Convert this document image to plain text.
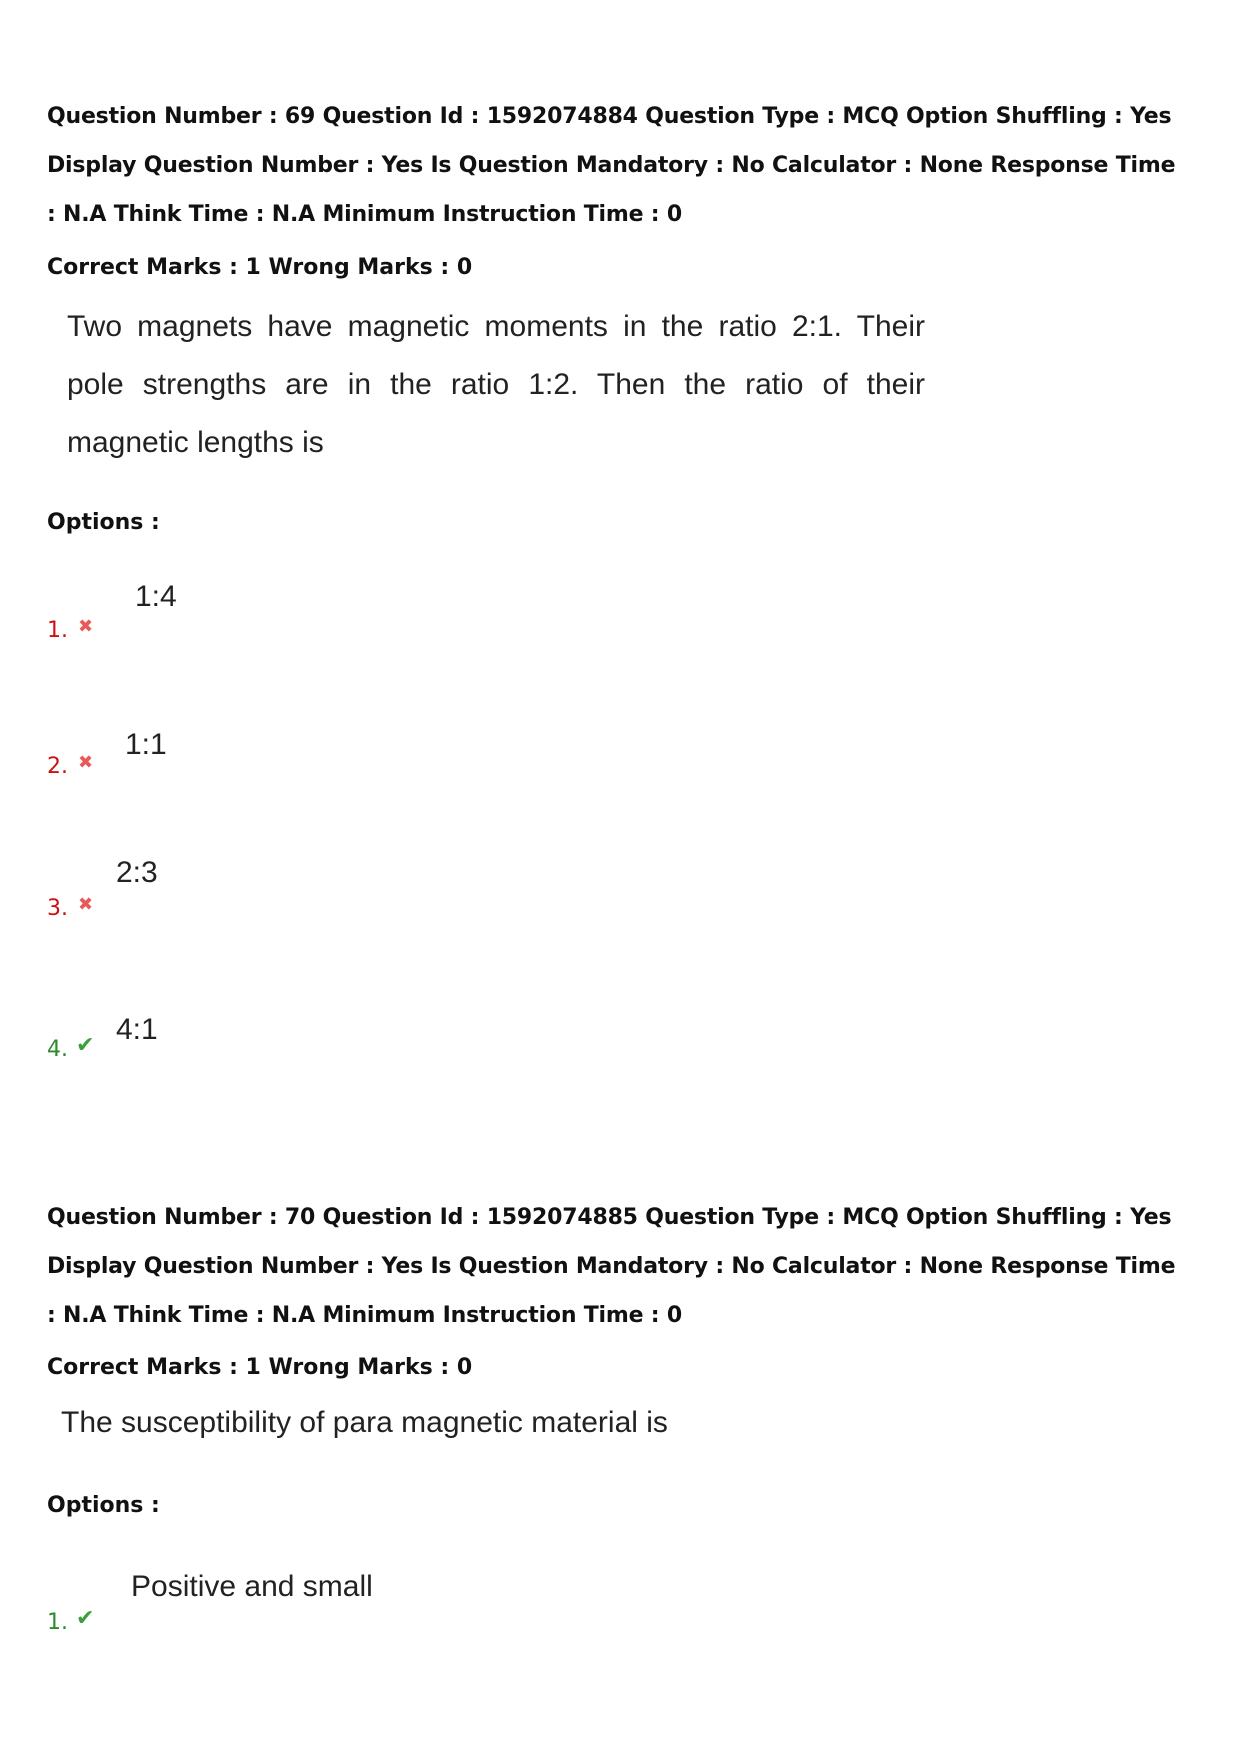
Question Number : 69 Question Id : 1592074884 Question Type : MCQ Option Shuffling : Yes

Display Question Number : Yes Is Question Mandatory : No Calculator : None Response Time

: N.A Think Time : N.A Minimum Instruction Time : 0

Correct Marks : 1 Wrong Marks : 0

Two magnets have magnetic moments in the ratio 2:1. Their pole strengths are in the ratio 1:2. Then the ratio of their magnetic lengths is

Options :

1. ✖
1:4
2. ✖
1:1
3. ✖
2:3
4. ✔ 4:1

Question Number : 70 Question Id : 1592074885 Question Type : MCQ Option Shuffling : Yes

Display Question Number : Yes Is Question Mandatory : No Calculator : None Response Time

: N.A Think Time : N.A Minimum Instruction Time : 0

Correct Marks : 1 Wrong Marks : 0

The susceptibility of para magnetic material is

Options :

1. ✔
Positive and small
